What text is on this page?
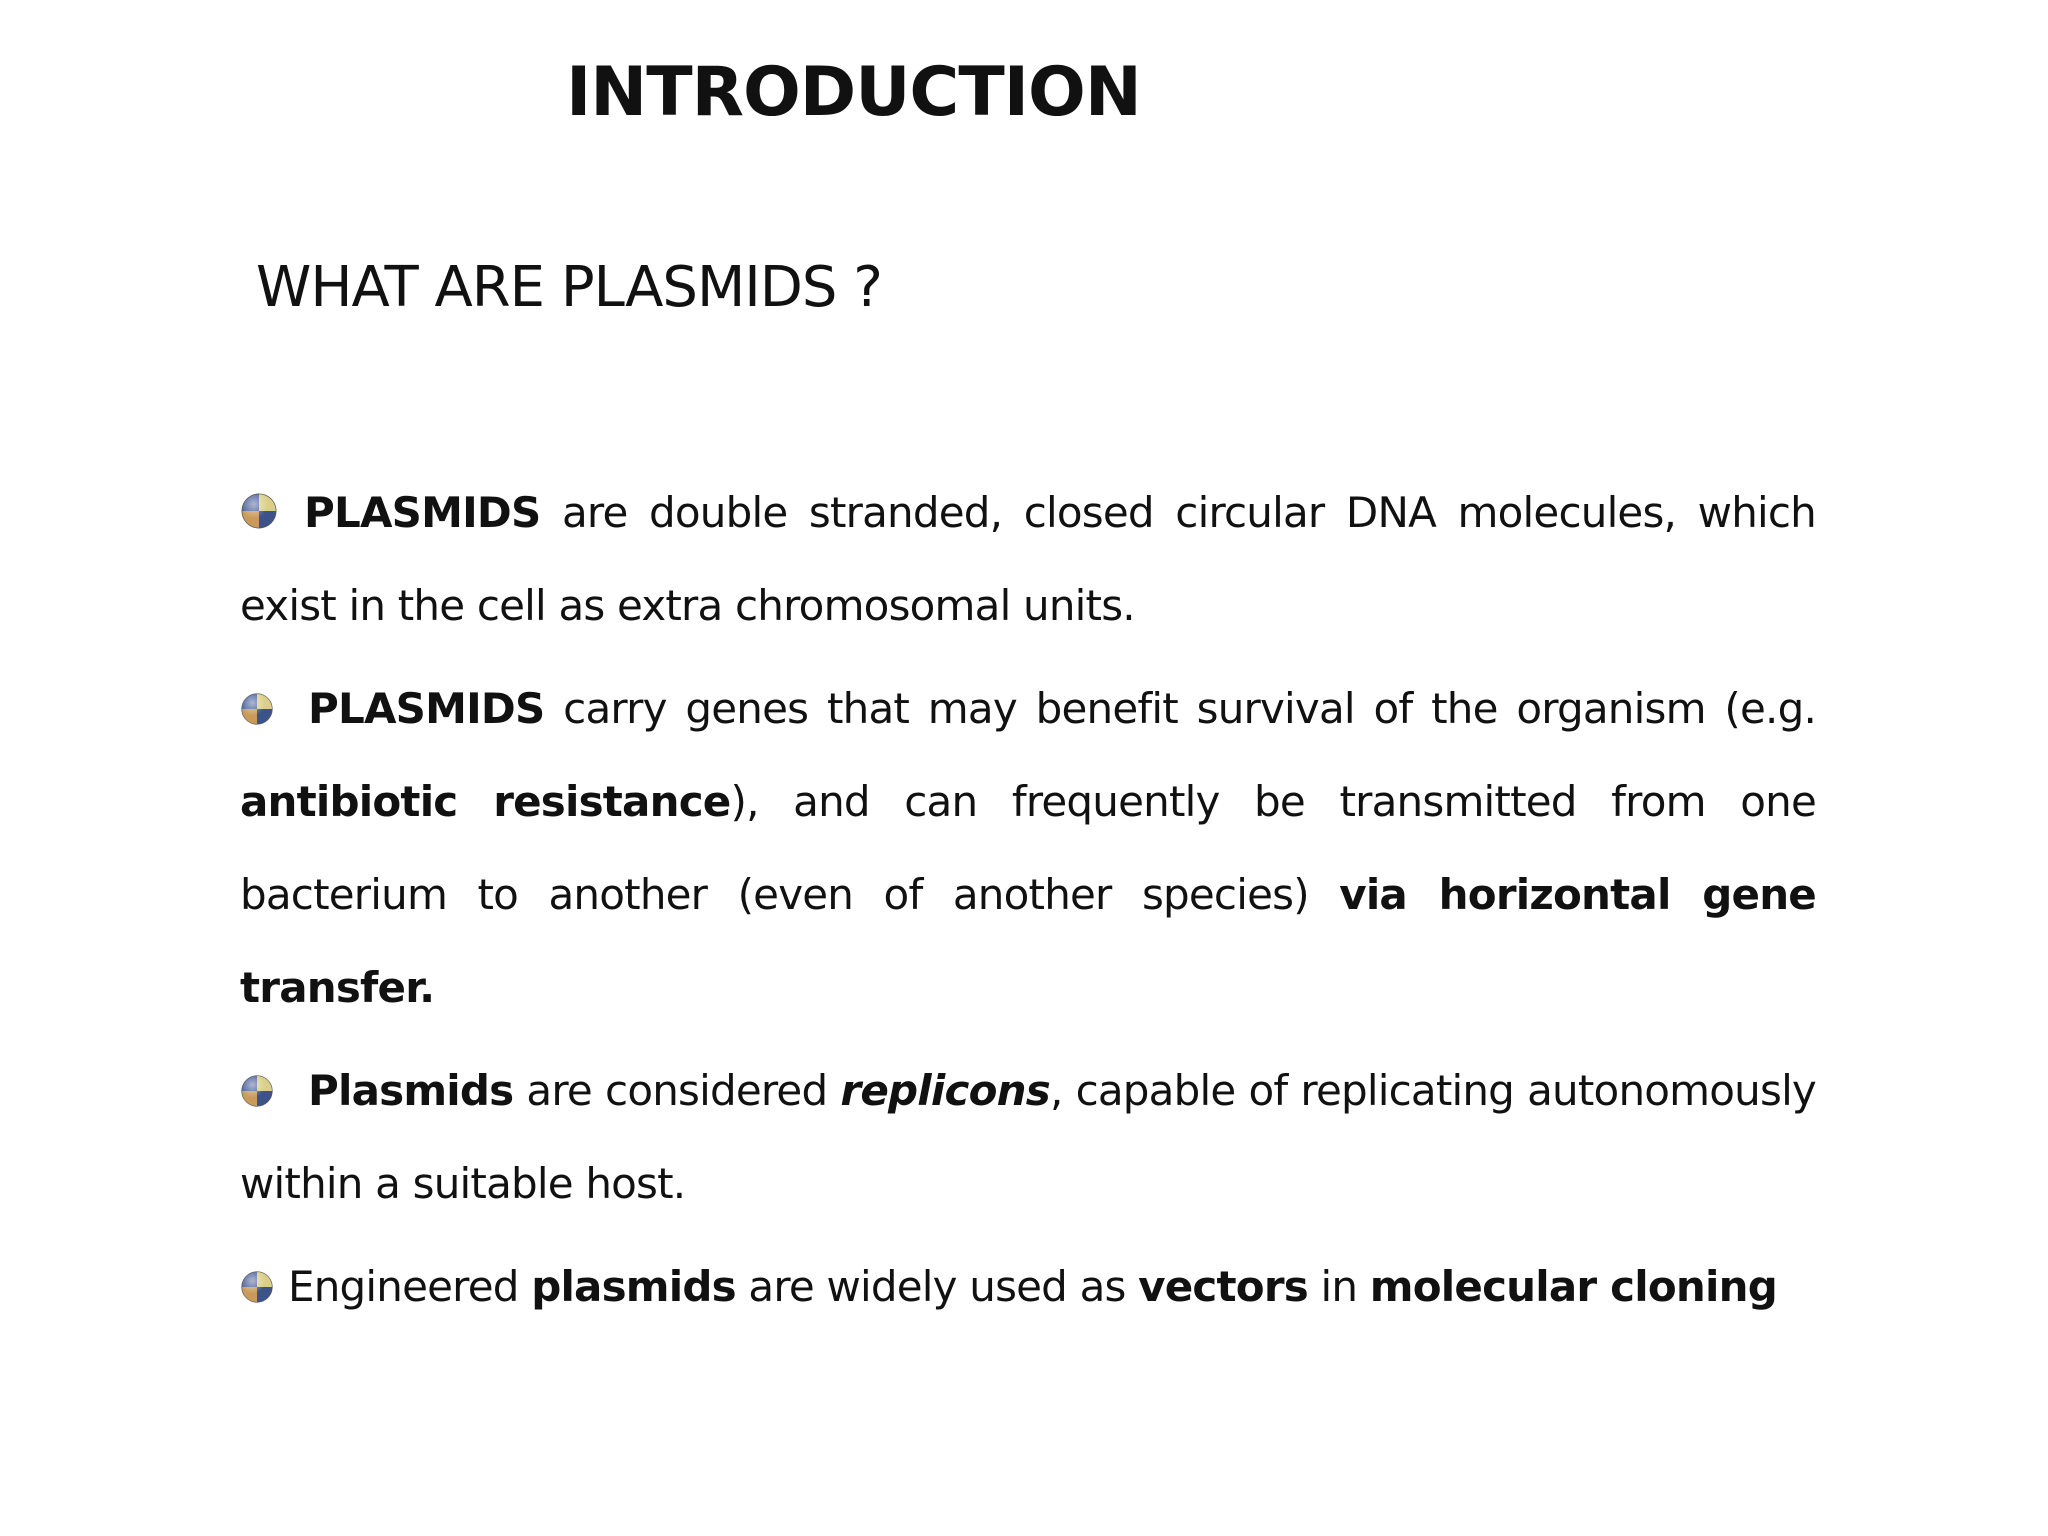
INTRODUCTION
WHAT ARE PLASMIDS ?

PLASMIDS are double stranded, closed circular DNA molecules, which exist in the cell as extra chromosomal units.

PLASMIDS carry genes that may benefit survival of the organism (e.g. antibiotic resistance), and can frequently be transmitted from one bacterium to another (even of another species) via horizontal gene transfer.

Plasmids are considered replicons, capable of replicating autonomously within a suitable host.

Engineered plasmids are widely used as vectors in molecular cloning
